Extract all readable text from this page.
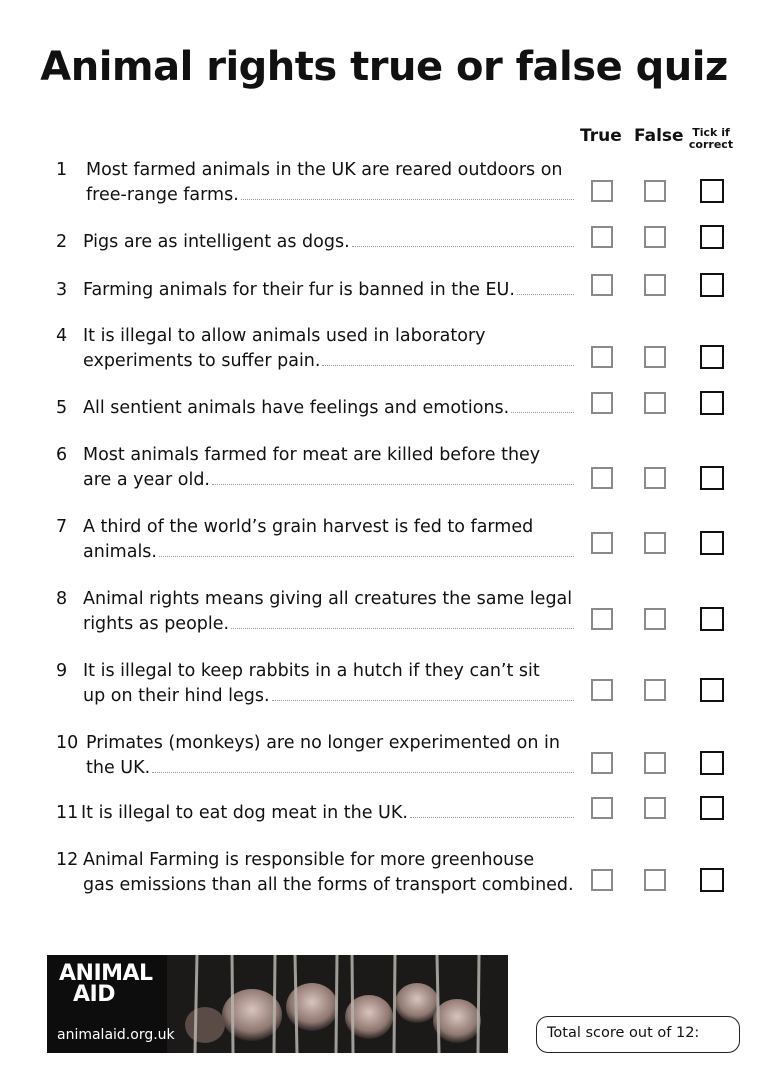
Animal rights true or false quiz
True False Tick if correct
1 Most farmed animals in the UK are reared outdoors on
free-range farms.
2 Pigs are as intelligent as dogs.
3 Farming animals for their fur is banned in the EU.
4 It is illegal to allow animals used in laboratory
experiments to suffer pain.
5 All sentient animals have feelings and emotions.
6 Most animals farmed for meat are killed before they
are a year old.
7 A third of the world’s grain harvest is fed to farmed
animals.
8 Animal rights means giving all creatures the same legal
rights as people.
9 It is illegal to keep rabbits in a hutch if they can’t sit
up on their hind legs.
10 Primates (monkeys) are no longer experimented on in
the UK.
11 It is illegal to eat dog meat in the UK.
12 Animal Farming is responsible for more greenhouse
gas emissions than all the forms of transport combined.
ANIMAL
AID
animalaid.org.uk	Total score out of 12:
